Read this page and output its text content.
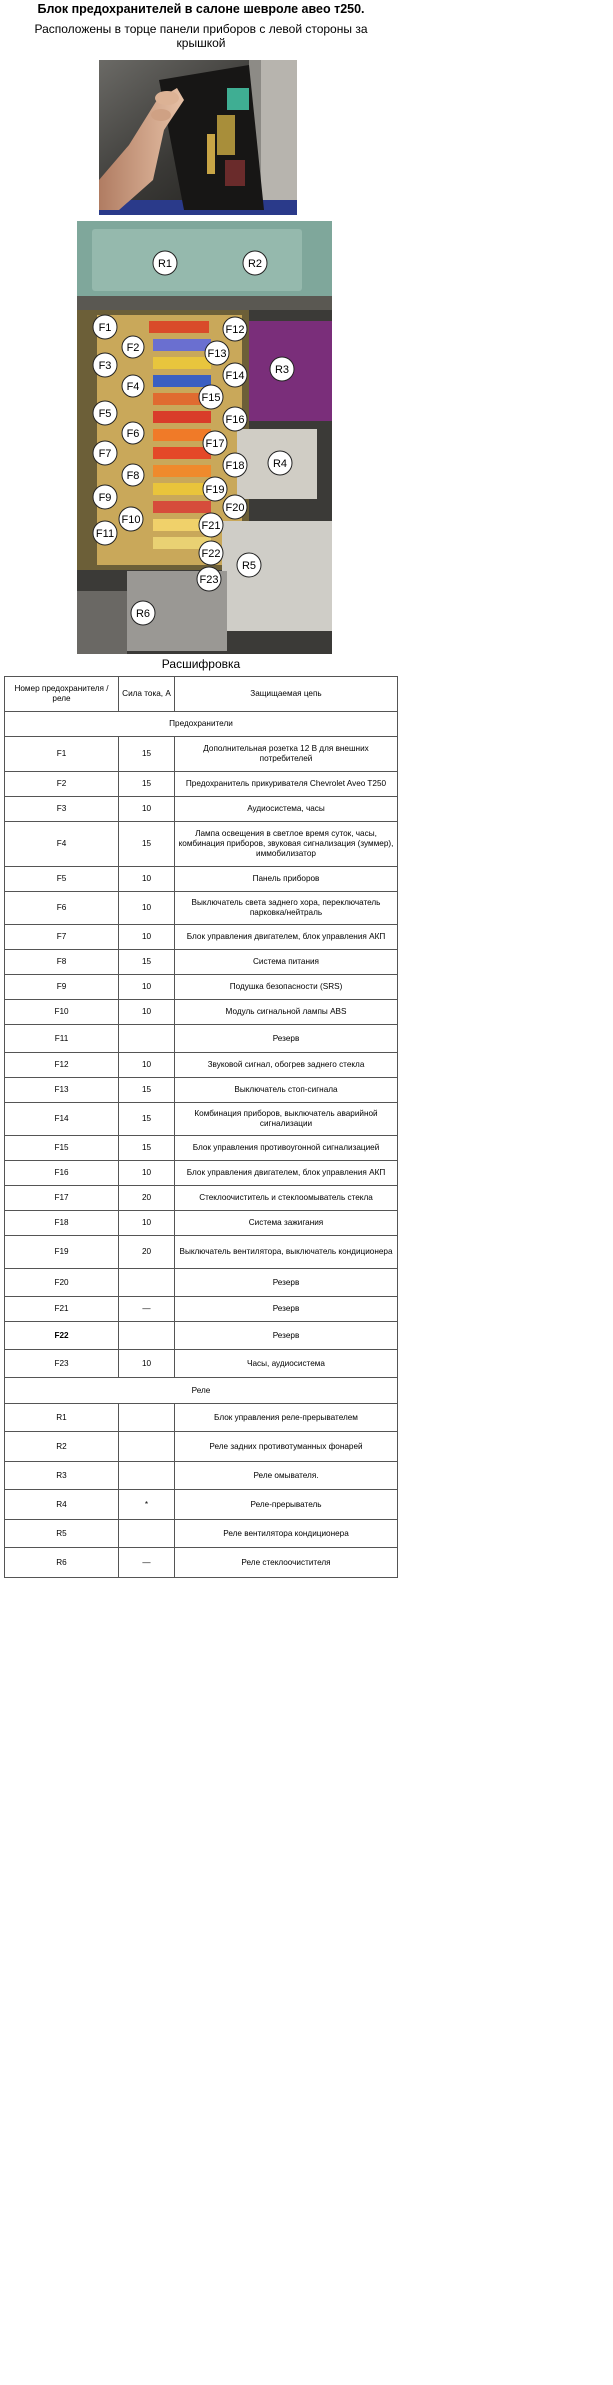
Блок предохранителей в салоне шевроле авео т250.
Расположены в торце панели приборов с левой стороны за крышкой
R1	R2
R3
R4
R5
R6
F1
F2
F3
F4
F5
F6
F7
F8
F9
F10
F11
F12
F13
F14
F15
F16
F17
F18
F19
F20
F21
F22
F23
Расшифровка
Номер предохранителя / реле	Сила тока, А	Защищаемая цепь
Предохранители		
F1	15	Дополнительная розетка 12 В для внешних потребителей
F2	15	Предохранитель прикуривателя Chevrolet Aveo T250
F3	10	Аудиосистема, часы
F4	15	Лампа освещения в светлое время суток, часы, комбинация приборов, звуковая сигнализация (зуммер), иммобилизатор
F5	10	Панель приборов
F6	10	Выключатель света заднего хора, переключатель парковка/нейтраль
F7	10	Блок управления двигателем, блок управления АКП
F8	15	Система питания
F9	10	Подушка безопасности (SRS)
F10	10	Модуль сигнальной лампы ABS
F11		Резерв
F12	10	Звуковой сигнал, обогрев заднего стекла
F13	15	Выключатель стоп-сигнала
F14	15	Комбинация приборов, выключатель аварийной сигнализации
F15	15	Блок управления противоугонной сигнализацией
F16	10	Блок управления двигателем, блок управления АКП
F17	20	Стеклоочиститель и стеклоомыватель стекла
F18	10	Система зажигания
F19	20	Выключатель вентилятора, выключатель кондиционера
F20		Резерв
F21	—	Резерв
F22		Резерв
F23	10	Часы, аудиосистема
Реле		
R1		Блок управления реле-прерывателем
R2		Реле задних противотуманных фонарей
R3		Реле омывателя.
R4	*	Реле-прерыватель
R5		Реле вентилятора кондиционера
R6	—	Реле стеклоочистителя
